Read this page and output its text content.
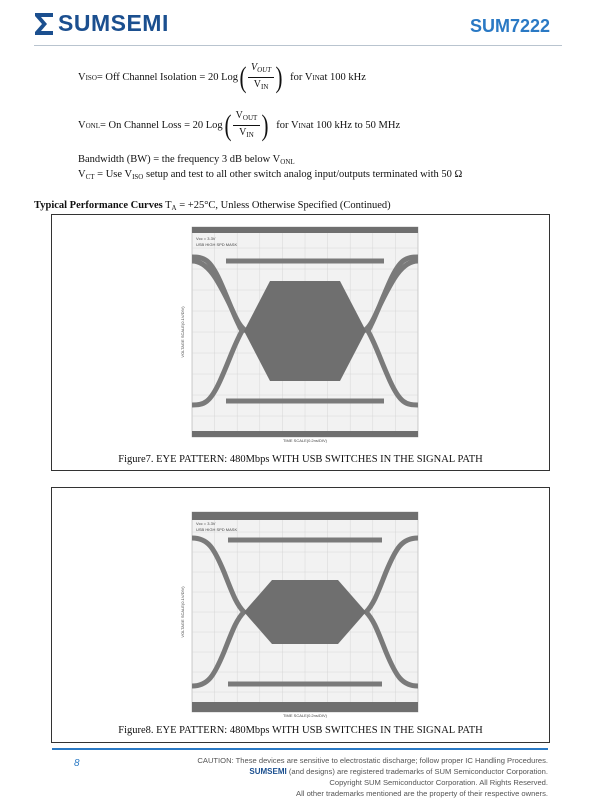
SUMSEMI	SUM7222
V ISO = Off Channel Isolation = 20 Log ( $\frac{V_{OUT}}{V_{IN}}$ ) for V IN at 100 kHz
V ONL = On Channel Loss = 20 Log ( $\frac{V_{OUT}}{V_{IN}}$ ) for V IN at 100 kHz to 50 MHz
Bandwidth (BW) = the frequency 3 dB below $V_{ONL}$
$V_{CT}$ = Use $V_{ISO}$ setup and test to all other switch analog input/outputs terminated with 50 Ω
Typical Performance Curves $T_A = +25^\circ C$, Unless Otherwise Specified (Continued)
Vcc = 3.3V
USB HIGH SPD MASK
TIME SCALE(0.2ns/DIV)
VOLTAGE SCALE(0.1V/DIV)
Figure7. EYE PATTERN: 480Mbps WITH USB SWITCHES IN THE SIGNAL PATH
Vcc = 3.3V
USB HIGH SPD MASK
TIME SCALE(0.2ns/DIV)
VOLTAGE SCALE(0.1V/DIV)
Figure8. EYE PATTERN: 480Mbps WITH USB SWITCHES IN THE SIGNAL PATH
8	CAUTION: These devices are sensitive to electrostatic discharge; follow proper IC Handling Procedures.
SUMSEMI (and designs) are registered trademarks of SUM Semiconductor Corporation.
Copyright SUM Semiconductor Corporation. All Rights Reserved.
All other trademarks mentioned are the property of their respective owners.
